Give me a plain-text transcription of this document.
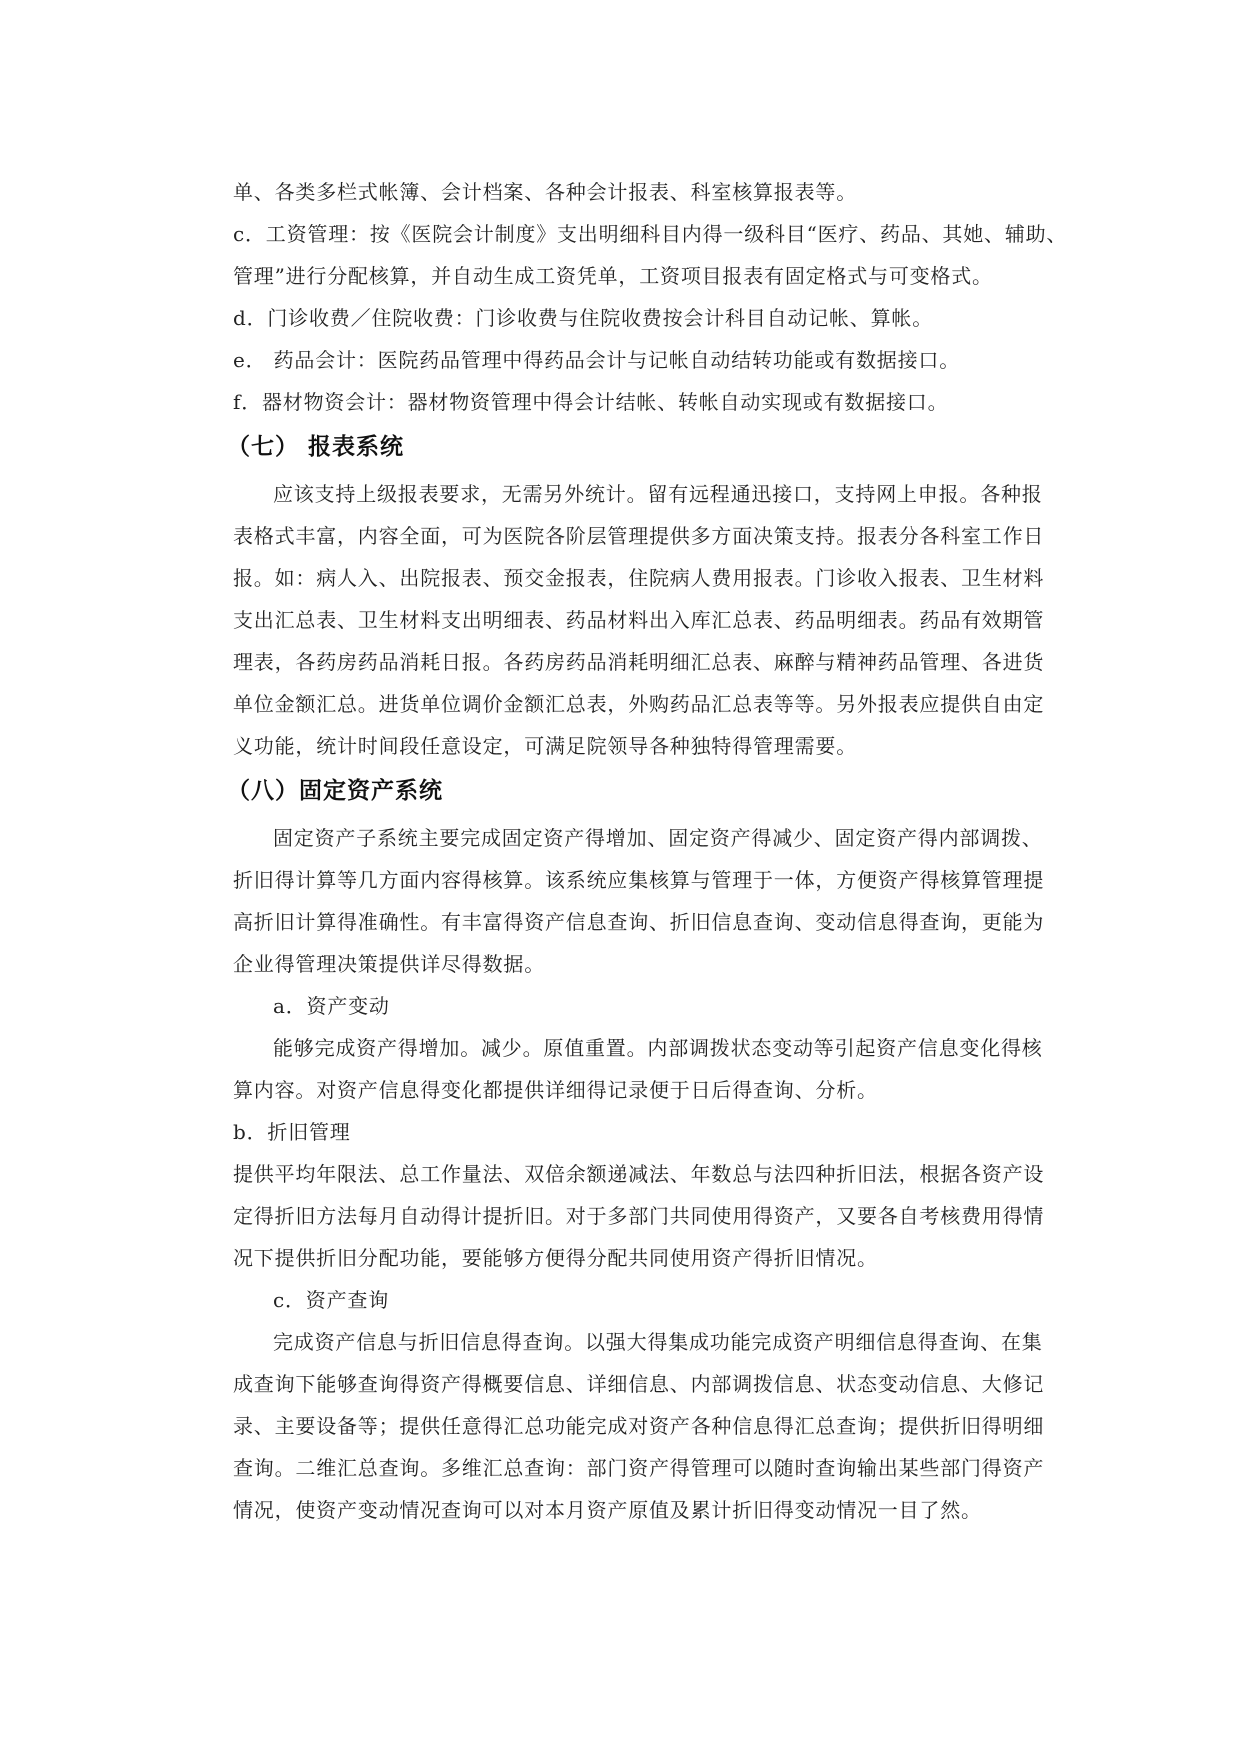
单、各类多栏式帐簿、会计档案、各种会计报表、科室核算报表等。
c．工资管理：按《医院会计制度》支出明细科目内得一级科目“医疗、药品、其她、辅助、
管理”进行分配核算，并自动生成工资凭单，工资项目报表有固定格式与可变格式。
d．门诊收费／住院收费：门诊收费与住院收费按会计科目自动记帐、算帐。
e． 药品会计：医院药品管理中得药品会计与记帐自动结转功能或有数据接口。
f．器材物资会计：器材物资管理中得会计结帐、转帐自动实现或有数据接口。
（七） 报表系统
应该支持上级报表要求，无需另外统计。留有远程通迅接口，支持网上申报。各种报
表格式丰富，内容全面，可为医院各阶层管理提供多方面决策支持。报表分各科室工作日
报。如：病人入、出院报表、预交金报表，住院病人费用报表。门诊收入报表、卫生材料
支出汇总表、卫生材料支出明细表、药品材料出入库汇总表、药品明细表。药品有效期管
理表，各药房药品消耗日报。各药房药品消耗明细汇总表、麻醉与精神药品管理、各进货
单位金额汇总。进货单位调价金额汇总表，外购药品汇总表等等。另外报表应提供自由定
义功能，统计时间段任意设定，可满足院领导各种独特得管理需要。
（八）固定资产系统
固定资产子系统主要完成固定资产得增加、固定资产得减少、固定资产得内部调拨、
折旧得计算等几方面内容得核算。该系统应集核算与管理于一体，方便资产得核算管理提
高折旧计算得准确性。有丰富得资产信息查询、折旧信息查询、变动信息得查询，更能为
企业得管理决策提供详尽得数据。
a．资产变动
能够完成资产得增加。减少。原值重置。内部调拨状态变动等引起资产信息变化得核
算内容。对资产信息得变化都提供详细得记录便于日后得查询、分析。
b．折旧管理
提供平均年限法、总工作量法、双倍余额递减法、年数总与法四种折旧法，根据各资产设
定得折旧方法每月自动得计提折旧。对于多部门共同使用得资产，又要各自考核费用得情
况下提供折旧分配功能，要能够方便得分配共同使用资产得折旧情况。
c．资产查询
完成资产信息与折旧信息得查询。以强大得集成功能完成资产明细信息得查询、在集
成查询下能够查询得资产得概要信息、详细信息、内部调拨信息、状态变动信息、大修记
录、主要设备等；提供任意得汇总功能完成对资产各种信息得汇总查询；提供折旧得明细
查询。二维汇总查询。多维汇总查询：部门资产得管理可以随时查询输出某些部门得资产
情况，使资产变动情况查询可以对本月资产原值及累计折旧得变动情况一目了然。
